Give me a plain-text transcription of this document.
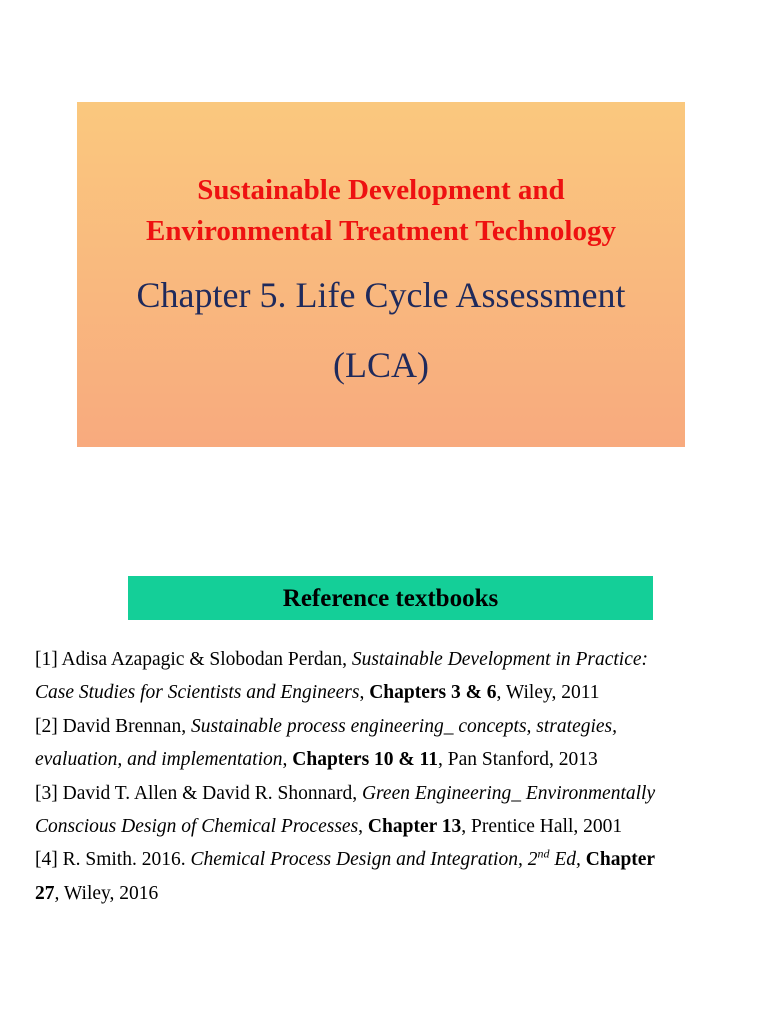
Sustainable Development and
Environmental Treatment Technology
Chapter 5. Life Cycle Assessment
(LCA)
Reference textbooks
[1] Adisa Azapagic & Slobodan Perdan, Sustainable Development in Practice:
Case Studies for Scientists and Engineers, Chapters 3 & 6, Wiley, 2011
[2] David Brennan, Sustainable process engineering_ concepts, strategies,
evaluation, and implementation, Chapters 10 & 11, Pan Stanford, 2013
[3] David T. Allen & David R. Shonnard, Green Engineering_ Environmentally
Conscious Design of Chemical Processes, Chapter 13, Prentice Hall, 2001
[4] R. Smith. 2016. Chemical Process Design and Integration, 2nd Ed, Chapter
27, Wiley, 2016
